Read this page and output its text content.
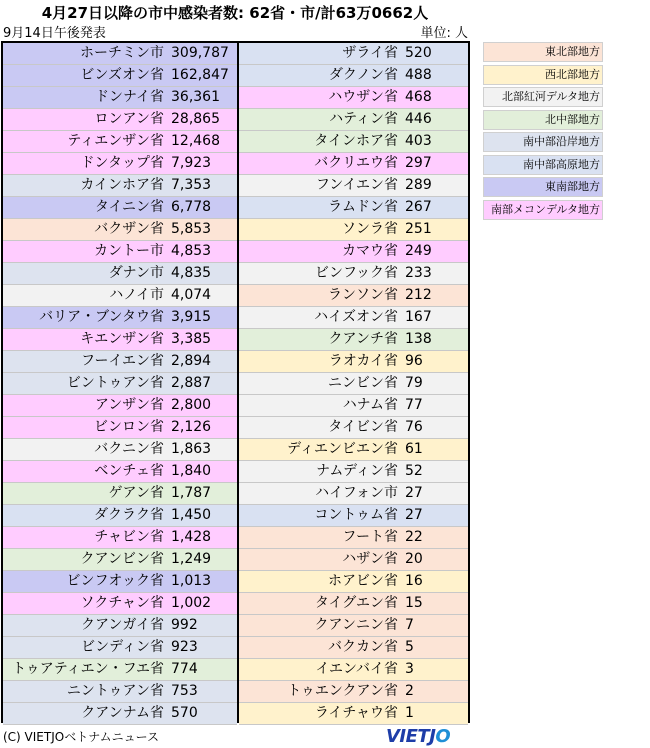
4月27日以降の市中感染者数: 62省・市/計63万0662人
9月14日午後発表	単位: 人
ホーチミン市 309,787
ビンズオン省 162,847
ドンナイ省 36,361
ロンアン省 28,865
ティエンザン省 12,468
ドンタップ省 7,923
カインホア省 7,353
タイニン省 6,778
バクザン省 5,853
カントー市 4,853
ダナン市 4,835
ハノイ市 4,074
バリア・ブンタウ省 3,915
キエンザン省 3,385
フーイエン省 2,894
ビントゥアン省 2,887
アンザン省 2,800
ビンロン省 2,126
バクニン省 1,863
ベンチェ省 1,840
ゲアン省 1,787
ダクラク省 1,450
チャビン省 1,428
クアンビン省 1,249
ビンフオック省 1,013
ソクチャン省 1,002
クアンガイ省 992
ビンディン省 923
トゥアティエン・フエ省 774
ニントゥアン省 753
クアンナム省 570
ザライ省 520
ダクノン省 488
ハウザン省 468
ハティン省 446
タインホア省 403
バクリエウ省 297
フンイエン省 289
ラムドン省 267
ソンラ省 251
カマウ省 249
ビンフック省 233
ランソン省 212
ハイズオン省 167
クアンチ省 138
ラオカイ省 96
ニンビン省 79
ハナム省 77
タイビン省 76
ディエンビエン省 61
ナムディン省 52
ハイフォン市 27
コントゥム省 27
フート省 22
ハザン省 20
ホアビン省 16
タイグエン省 15
クアンニン省 7
バクカン省 5
イエンバイ省 3
トゥエンクアン省 2
ライチャウ省 1
東北部地方
西北部地方
北部紅河デルタ地方
北中部地方
南中部沿岸地方
南中部高原地方
東南部地方
南部メコンデルタ地方
(C) VIETJOベトナムニュース	VIETJO
